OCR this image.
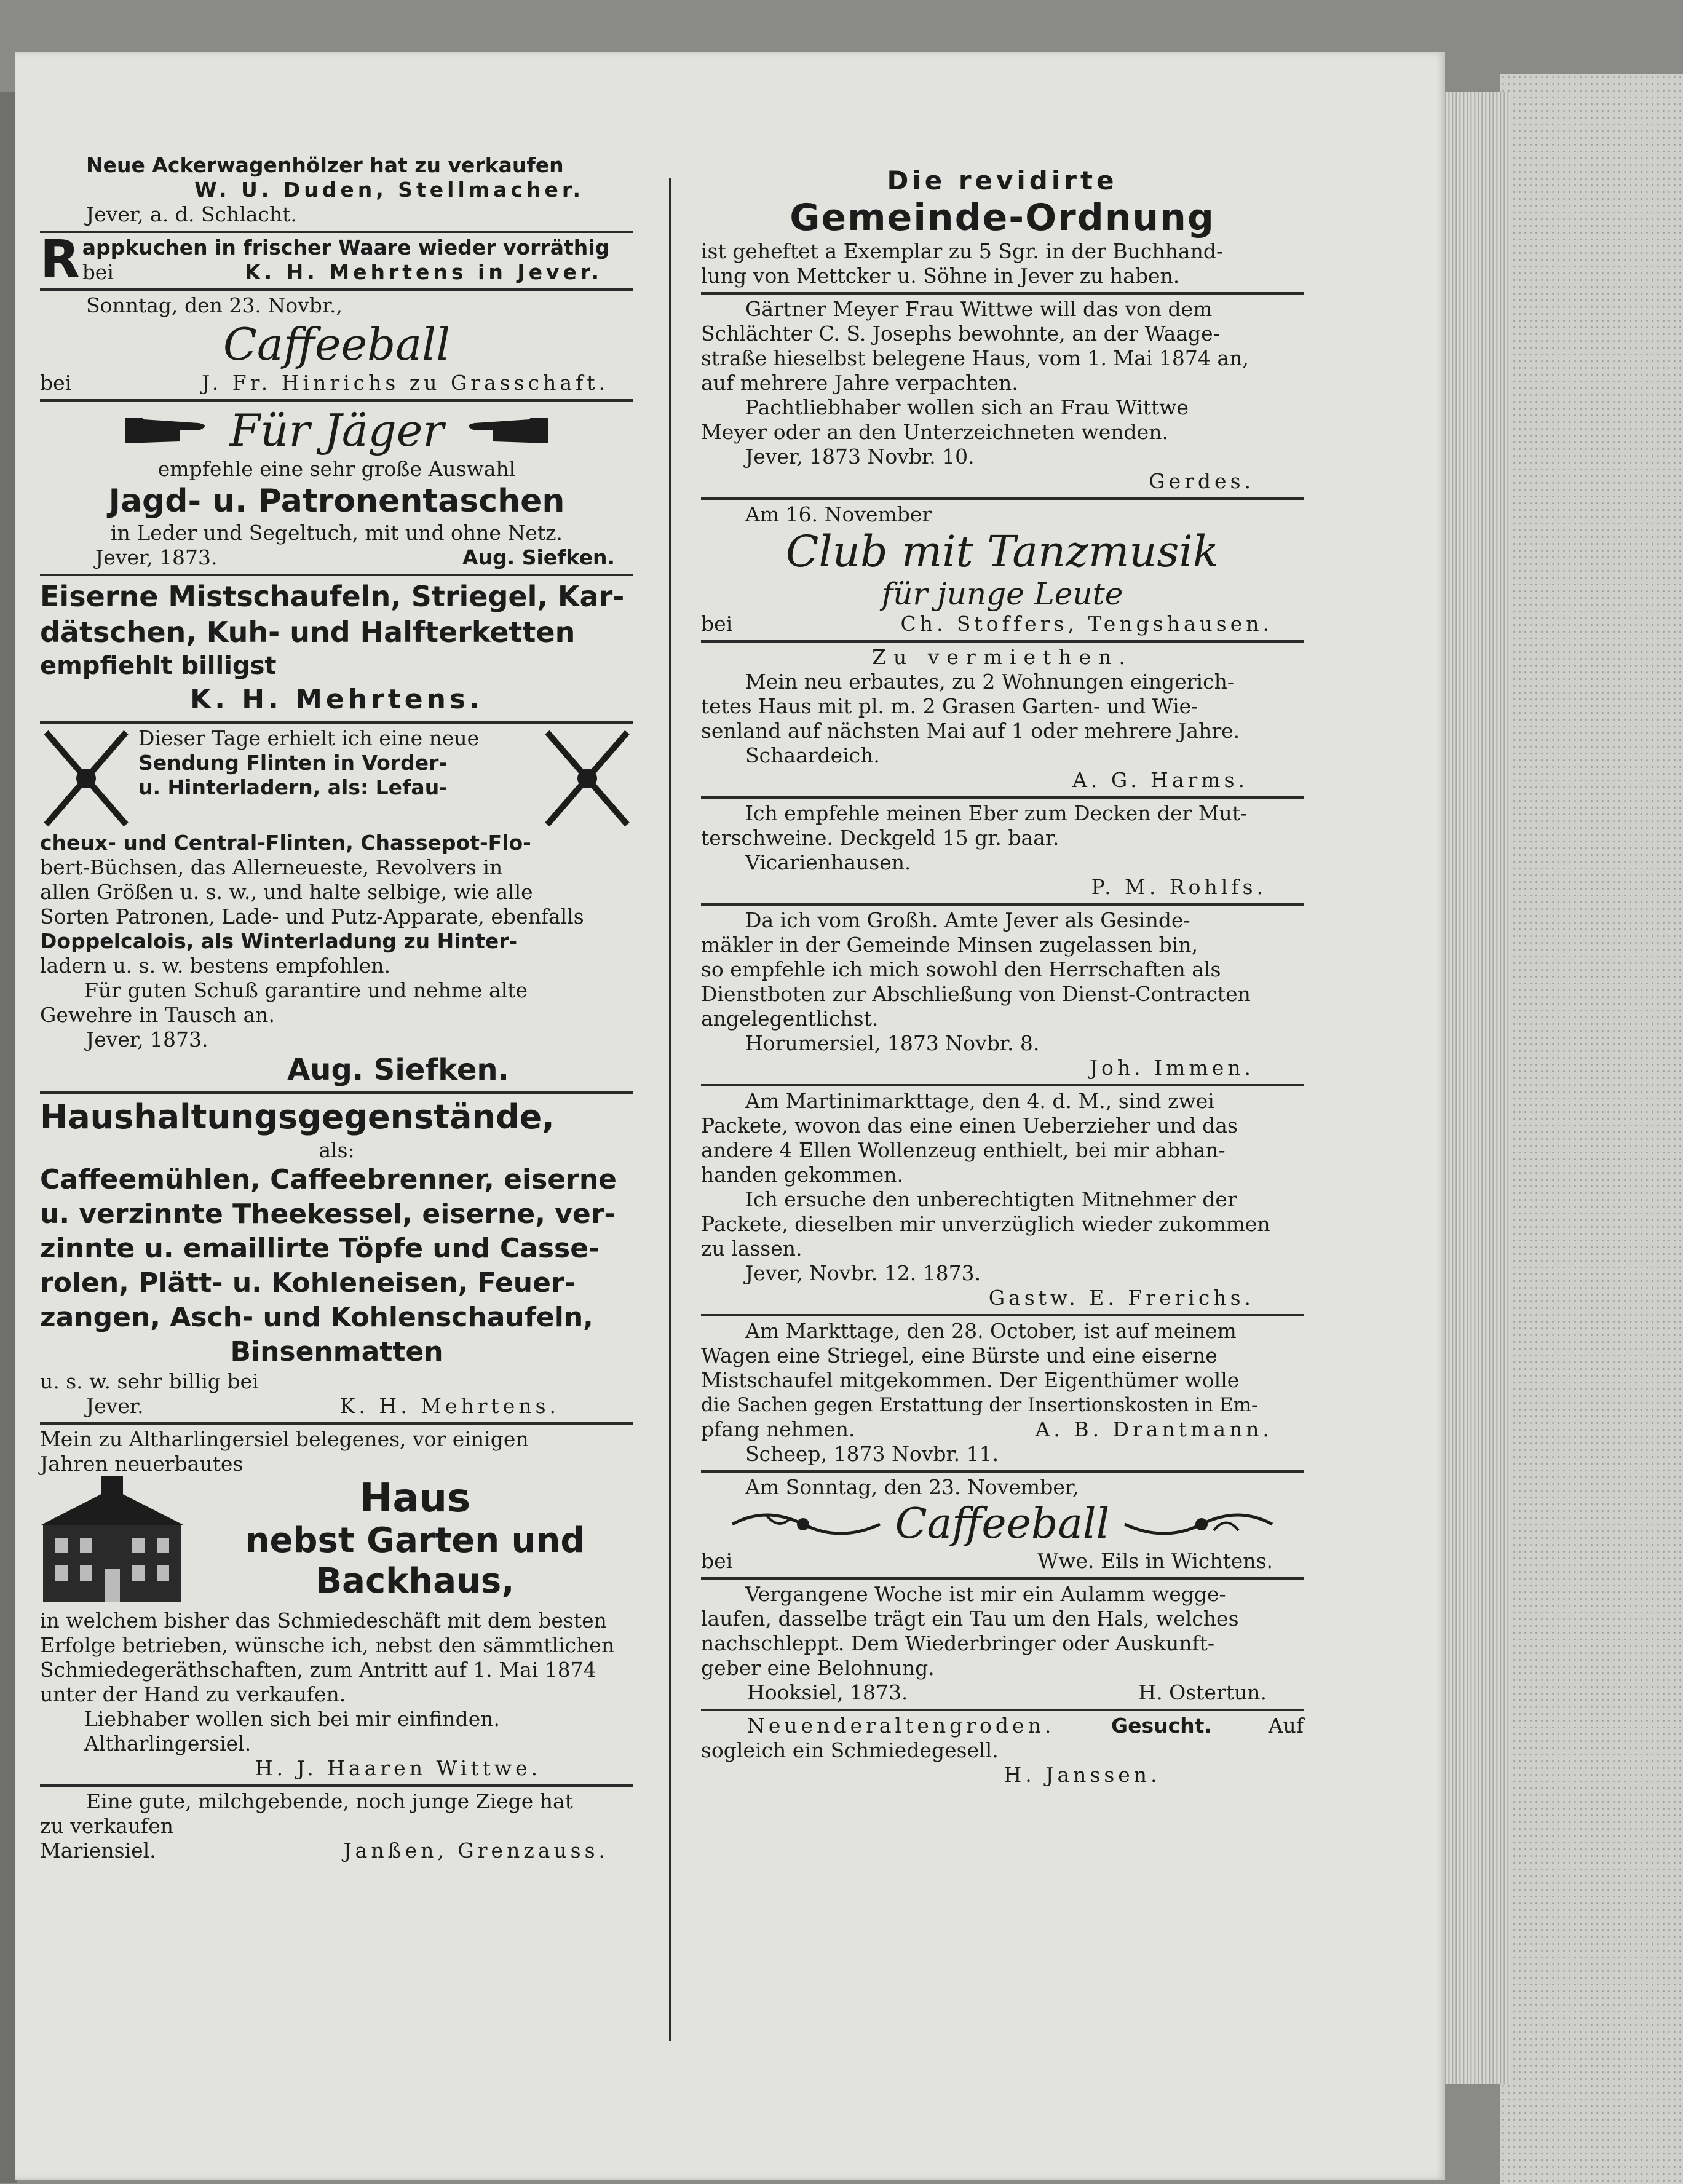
Neue Ackerwagenhölzer hat zu verkaufen
W. U. Duden, Stellmacher.
Jever, a. d. Schlacht.
R appkuchen in frischer Waare wieder vorräthig
bei	K. H. Mehrtens in Jever.
Sonntag, den 23. Novbr.,
Caffeeball
bei	J. Fr. Hinrichs zu Grasschaft.
Für Jäger
empfehle eine sehr große Auswahl
Jagd- u. Patronentaschen
in Leder und Segeltuch, mit und ohne Netz.
Jever, 1873.	Aug. Siefken.
Eiserne Mistschaufeln, Striegel, Kar-
dätschen, Kuh- und Halfterketten
empfiehlt billigst
K. H. Mehrtens.
Dieser Tage erhielt ich eine neue
Sendung Flinten in Vorder-
u. Hinterladern, als: Lefau-
cheux- und Central-Flinten, Chassepot-Flo-
bert-Büchsen, das Allerneueste, Revolvers in
allen Größen u. s. w., und halte selbige, wie alle
Sorten Patronen, Lade- und Putz-Apparate, ebenfalls
Doppelcalois, als Winterladung zu Hinter-
ladern u. s. w. bestens empfohlen.
Für guten Schuß garantire und nehme alte
Gewehre in Tausch an.
Jever, 1873.
Aug. Siefken.
Haushaltungsgegenstände,
als:
Caffeemühlen, Caffeebrenner, eiserne
u. verzinnte Theekessel, eiserne, ver-
zinnte u. emaillirte Töpfe und Casse-
rolen, Plätt- u. Kohleneisen, Feuer-
zangen, Asch- und Kohlenschaufeln,
Binsenmatten
u. s. w. sehr billig bei
Jever.	K. H. Mehrtens.
Mein zu Altharlingersiel belegenes, vor einigen
Jahren neuerbautes
Haus
nebst Garten und
Backhaus,
in welchem bisher das Schmiedeschäft mit dem besten
Erfolge betrieben, wünsche ich, nebst den sämmtlichen
Schmiedegeräthschaften, zum Antritt auf 1. Mai 1874
unter der Hand zu verkaufen.
Liebhaber wollen sich bei mir einfinden.
Altharlingersiel.
H. J. Haaren Wittwe.
Eine gute, milchgebende, noch junge Ziege hat
zu verkaufen
Mariensiel.	Janßen, Grenzauss.
Die revidirte
Gemeinde-Ordnung
ist geheftet a Exemplar zu 5 Sgr. in der Buchhand-
lung von Mettcker u. Söhne in Jever zu haben.
Gärtner Meyer Frau Wittwe will das von dem
Schlächter C. S. Josephs bewohnte, an der Waage-
straße hieselbst belegene Haus, vom 1. Mai 1874 an,
auf mehrere Jahre verpachten.
Pachtliebhaber wollen sich an Frau Wittwe
Meyer oder an den Unterzeichneten wenden.
Jever, 1873 Novbr. 10.
Gerdes.
Am 16. November
Club mit Tanzmusik
für junge Leute
bei	Ch. Stoffers, Tengshausen.
Zu vermiethen.
Mein neu erbautes, zu 2 Wohnungen eingerich-
tetes Haus mit pl. m. 2 Grasen Garten- und Wie-
senland auf nächsten Mai auf 1 oder mehrere Jahre.
Schaardeich.
A. G. Harms.
Ich empfehle meinen Eber zum Decken der Mut-
terschweine. Deckgeld 15 gr. baar.
Vicarienhausen.
P. M. Rohlfs.
Da ich vom Großh. Amte Jever als Gesinde-
mäkler in der Gemeinde Minsen zugelassen bin,
so empfehle ich mich sowohl den Herrschaften als
Dienstboten zur Abschließung von Dienst-Contracten
angelegentlichst.
Horumersiel, 1873 Novbr. 8.
Joh. Immen.
Am Martinimarkttage, den 4. d. M., sind zwei
Packete, wovon das eine einen Ueberzieher und das
andere 4 Ellen Wollenzeug enthielt, bei mir abhan-
handen gekommen.
Ich ersuche den unberechtigten Mitnehmer der
Packete, dieselben mir unverzüglich wieder zukommen
zu lassen.
Jever, Novbr. 12. 1873.
Gastw. E. Frerichs.
Am Markttage, den 28. October, ist auf meinem
Wagen eine Striegel, eine Bürste und eine eiserne
Mistschaufel mitgekommen. Der Eigenthümer wolle
die Sachen gegen Erstattung der Insertionskosten in Em-
pfang nehmen.	A. B. Drantmann.
Scheep, 1873 Novbr. 11.
Am Sonntag, den 23. November,
Caffeeball
bei	Wwe. Eils in Wichtens.
Vergangene Woche ist mir ein Aulamm wegge-
laufen, dasselbe trägt ein Tau um den Hals, welches
nachschleppt. Dem Wiederbringer oder Auskunft-
geber eine Belohnung.
Hooksiel, 1873.	H. Ostertun.
Neuenderaltengroden.	Gesucht.	Auf
sogleich ein Schmiedegesell.
H. Janssen.
